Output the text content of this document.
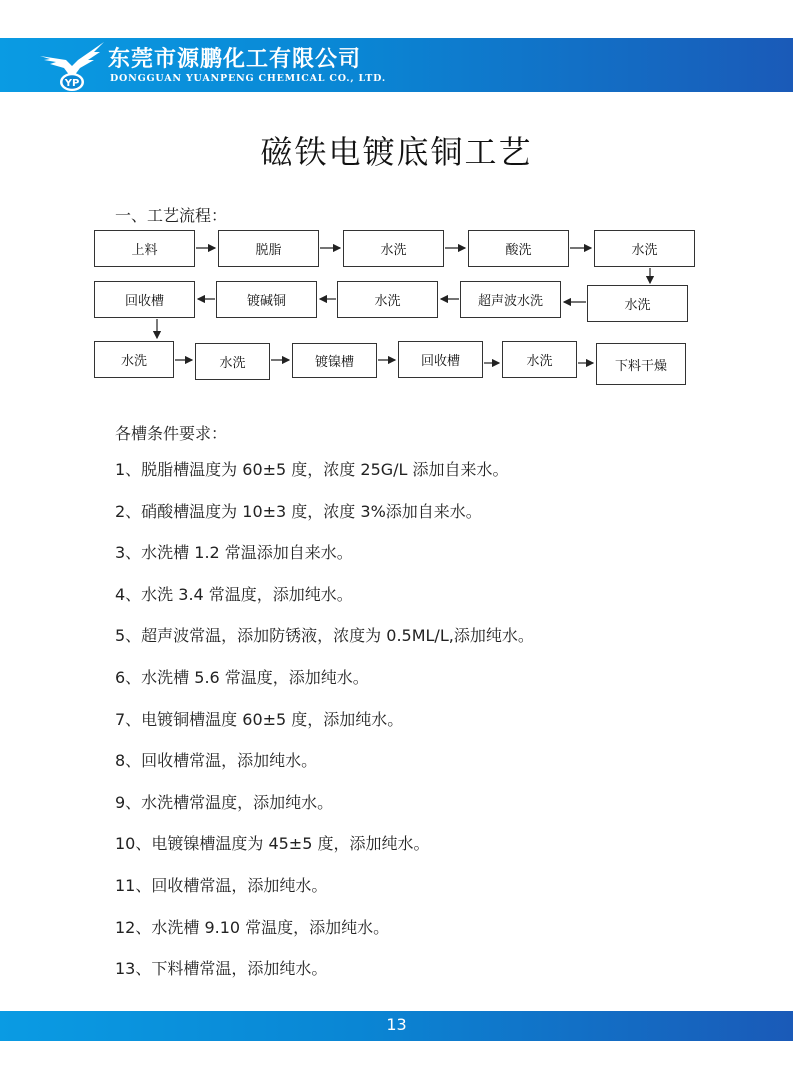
YP
东莞市源鹏化工有限公司
DONGGUAN YUANPENG CHEMICAL CO., LTD.
磁铁电镀底铜工艺
一、工艺流程：
上料	脱脂	水洗	酸洗	水洗
水洗
超声波水洗
水洗
镀碱铜
回收槽
水洗	水洗	镀镍槽	回收槽	水洗	下料干燥
各槽条件要求：
1、脱脂槽温度为 60±5 度，浓度 25G/L 添加自来水。
2、硝酸槽温度为 10±3 度，浓度 3%添加自来水。
3、水洗槽 1.2 常温添加自来水。
4、水洗 3.4 常温度，添加纯水。
5、超声波常温，添加防锈液，浓度为 0.5ML/L,添加纯水。
6、水洗槽 5.6 常温度，添加纯水。
7、电镀铜槽温度 60±5 度，添加纯水。
8、回收槽常温，添加纯水。
9、水洗槽常温度，添加纯水。
10、电镀镍槽温度为 45±5 度，添加纯水。
11、回收槽常温，添加纯水。
12、水洗槽 9.10 常温度，添加纯水。
13、下料槽常温，添加纯水。
13
